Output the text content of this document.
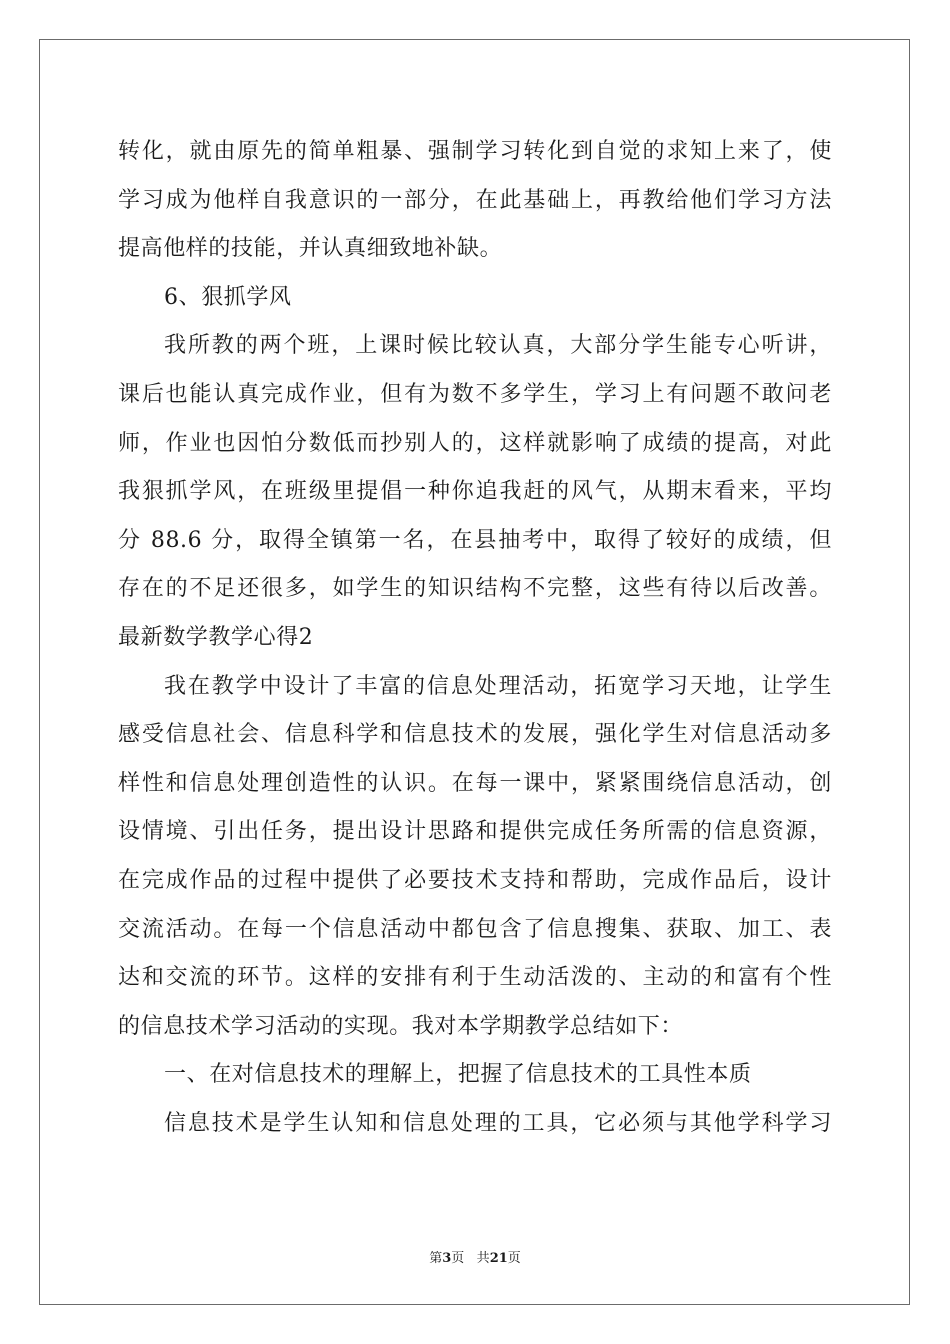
转化，就由原先的简单粗暴、强制学习转化到自觉的求知上来了，使
学习成为他样自我意识的一部分，在此基础上，再教给他们学习方法
提高他样的技能，并认真细致地补缺。
6、狠抓学风
我所教的两个班，上课时候比较认真，大部分学生能专心听讲，
课后也能认真完成作业，但有为数不多学生，学习上有问题不敢问老
师，作业也因怕分数低而抄别人的，这样就影响了成绩的提高，对此
我狠抓学风，在班级里提倡一种你追我赶的风气，从期末看来，平均
分 88.6 分，取得全镇第一名，在县抽考中，取得了较好的成绩，但
存在的不足还很多，如学生的知识结构不完整，这些有待以后改善。
最新数学教学心得2
我在教学中设计了丰富的信息处理活动，拓宽学习天地，让学生
感受信息社会、信息科学和信息技术的发展，强化学生对信息活动多
样性和信息处理创造性的认识。在每一课中，紧紧围绕信息活动，创
设情境、引出任务，提出设计思路和提供完成任务所需的信息资源，
在完成作品的过程中提供了必要技术支持和帮助，完成作品后，设计
交流活动。在每一个信息活动中都包含了信息搜集、获取、加工、表
达和交流的环节。这样的安排有利于生动活泼的、主动的和富有个性
的信息技术学习活动的实现。我对本学期教学总结如下：
一、在对信息技术的理解上，把握了信息技术的工具性本质
信息技术是学生认知和信息处理的工具，它必须与其他学科学习
第3页 共21页
